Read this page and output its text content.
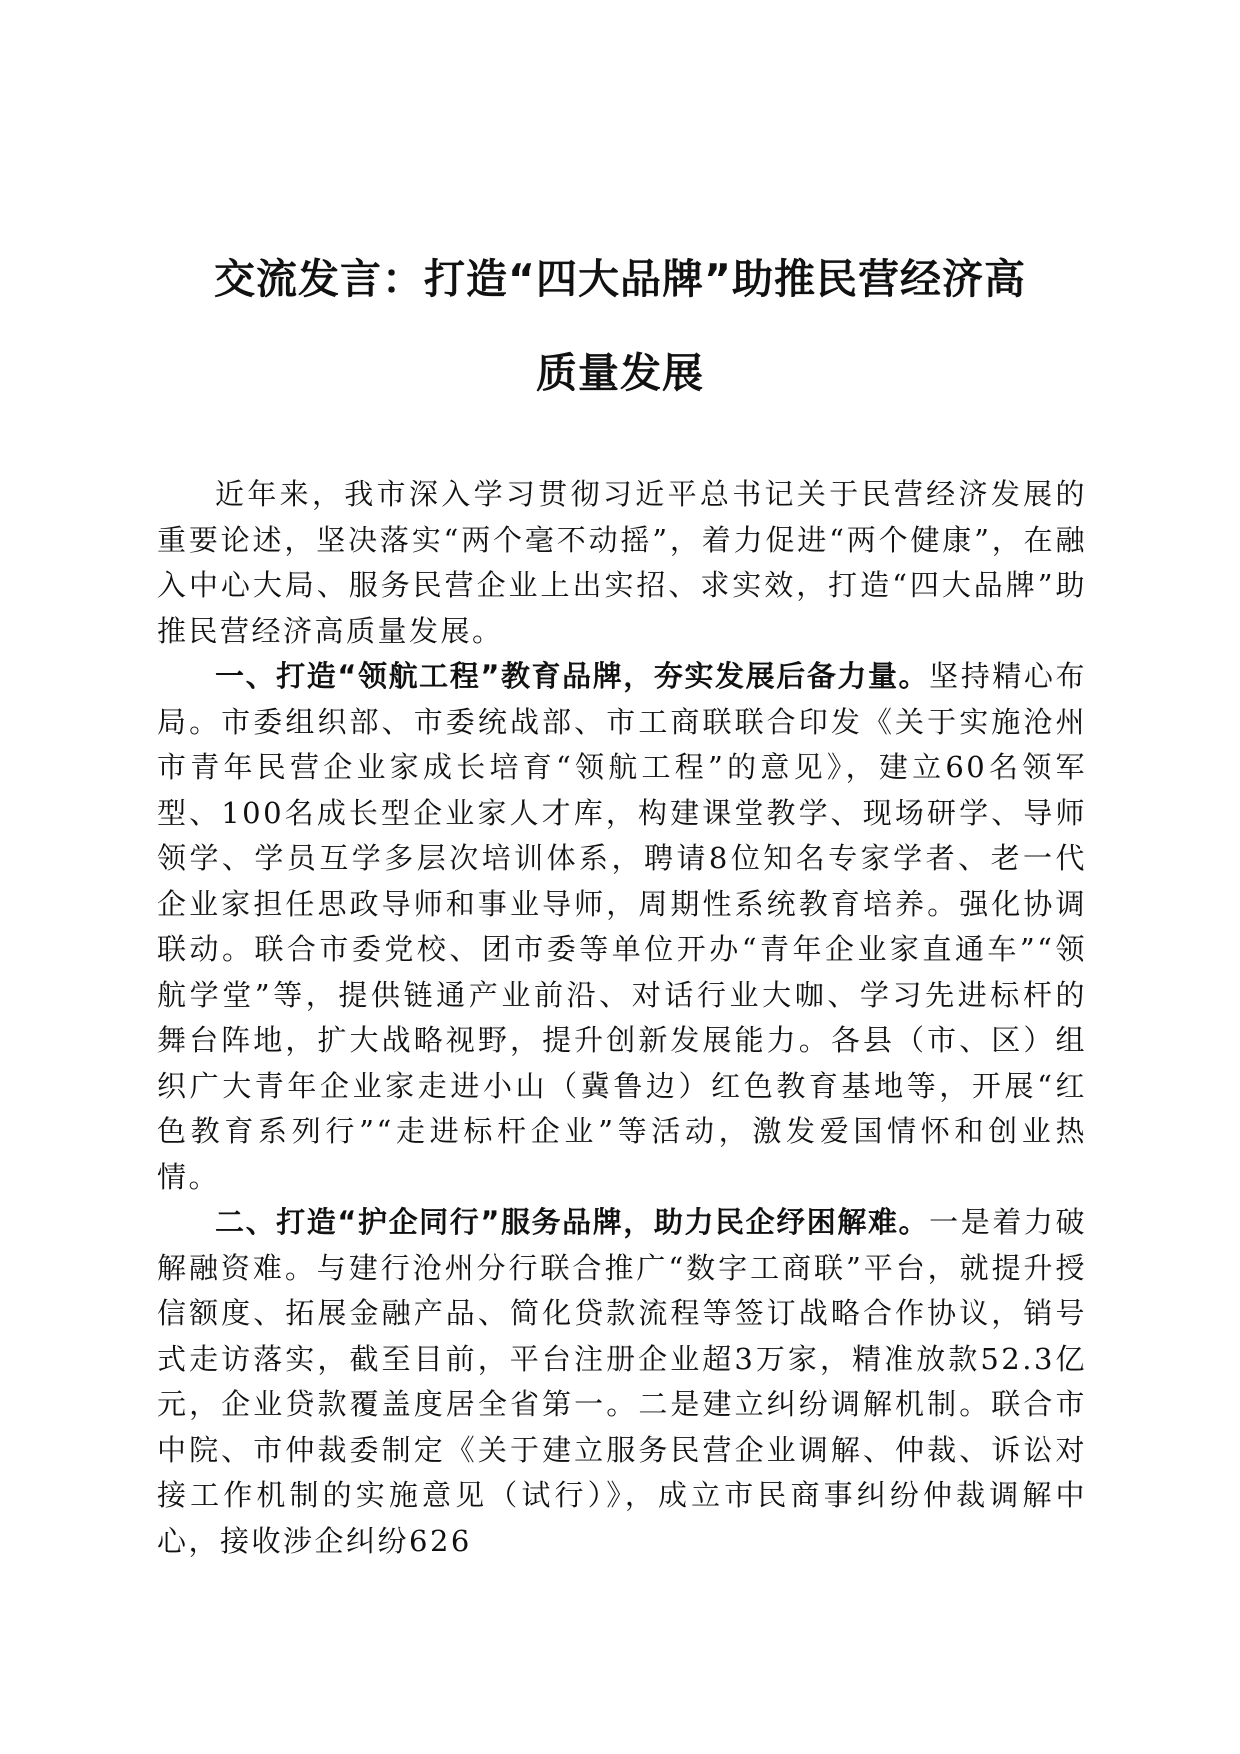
交流发言：打造“四大品牌”助推民营经济高
质量发展

近年来，我市深入学习贯彻习近平总书记关于民营经济发展的重要论述，坚决落实“两个毫不动摇”，着力促进“两个健康”，在融入中心大局、服务民营企业上出实招、求实效，打造“四大品牌”助推民营经济高质量发展。

一、打造“领航工程”教育品牌，夯实发展后备力量。坚持精心布局。市委组织部、市委统战部、市工商联联合印发《关于实施沧州市青年民营企业家成长培育“领航工程”的意见》，建立60名领军型、100名成长型企业家人才库，构建课堂教学、现场研学、导师领学、学员互学多层次培训体系，聘请8位知名专家学者、老一代企业家担任思政导师和事业导师，周期性系统教育培养。强化协调联动。联合市委党校、团市委等单位开办“青年企业家直通车”“领航学堂”等，提供链通产业前沿、对话行业大咖、学习先进标杆的舞台阵地，扩大战略视野，提升创新发展能力。各县（市、区）组织广大青年企业家走进小山（冀鲁边）红色教育基地等，开展“红色教育系列行”“走进标杆企业”等活动，激发爱国情怀和创业热情。

二、打造“护企同行”服务品牌，助力民企纾困解难。一是着力破解融资难。与建行沧州分行联合推广“数字工商联”平台，就提升授信额度、拓展金融产品、简化贷款流程等签订战略合作协议，销号式走访落实，截至目前，平台注册企业超3万家，精准放款52.3亿元，企业贷款覆盖度居全省第一。二是建立纠纷调解机制。联合市中院、市仲裁委制定《关于建立服务民营企业调解、仲裁、诉讼对接工作机制的实施意见（试行）》，成立市民商事纠纷仲裁调解中心，接收涉企纠纷626
